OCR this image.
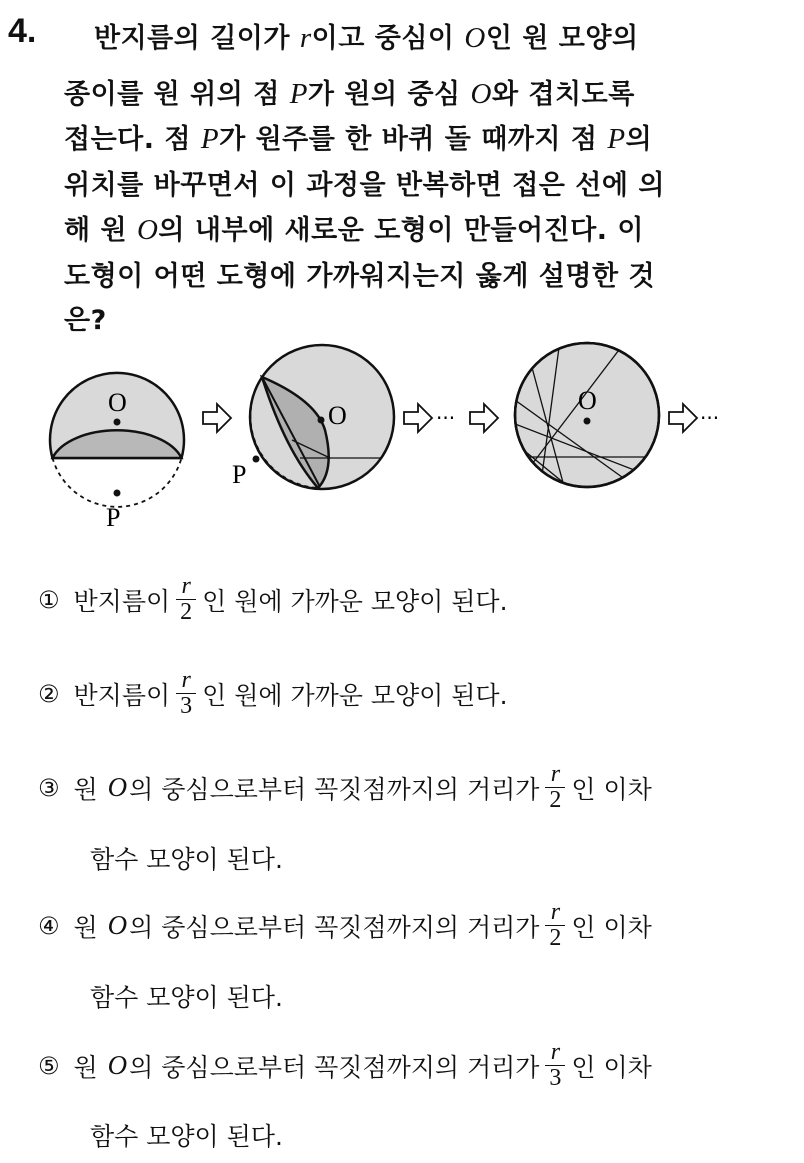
4.	반지름의 길이가 r이고 중심이 O인 원 모양의
종이를 원 위의 점 P가 원의 중심 O와 겹치도록
접는다. 점 P가 원주를 한 바퀴 돌 때까지 점 P의
위치를 바꾸면서 이 과정을 반복하면 접은 선에 의
해 원 O의 내부에 새로운 도형이 만들어진다. 이
도형이 어떤 도형에 가까워지는지 옳게 설명한 것
은?
O
P
O
P
···
O
···
① 반지름이 $\frac{r}{2}$ 인 원에 가까운 모양이 된다.
② 반지름이 $\frac{r}{3}$ 인 원에 가까운 모양이 된다.
③ 원 O 의 중심으로부터 꼭짓점까지의 거리가 $\frac{r}{2}$ 인 이차
함수 모양이 된다.
④ 원 O 의 중심으로부터 꼭짓점까지의 거리가 $\frac{r}{2}$ 인 이차
함수 모양이 된다.
⑤ 원 O 의 중심으로부터 꼭짓점까지의 거리가 $\frac{r}{3}$ 인 이차
함수 모양이 된다.
